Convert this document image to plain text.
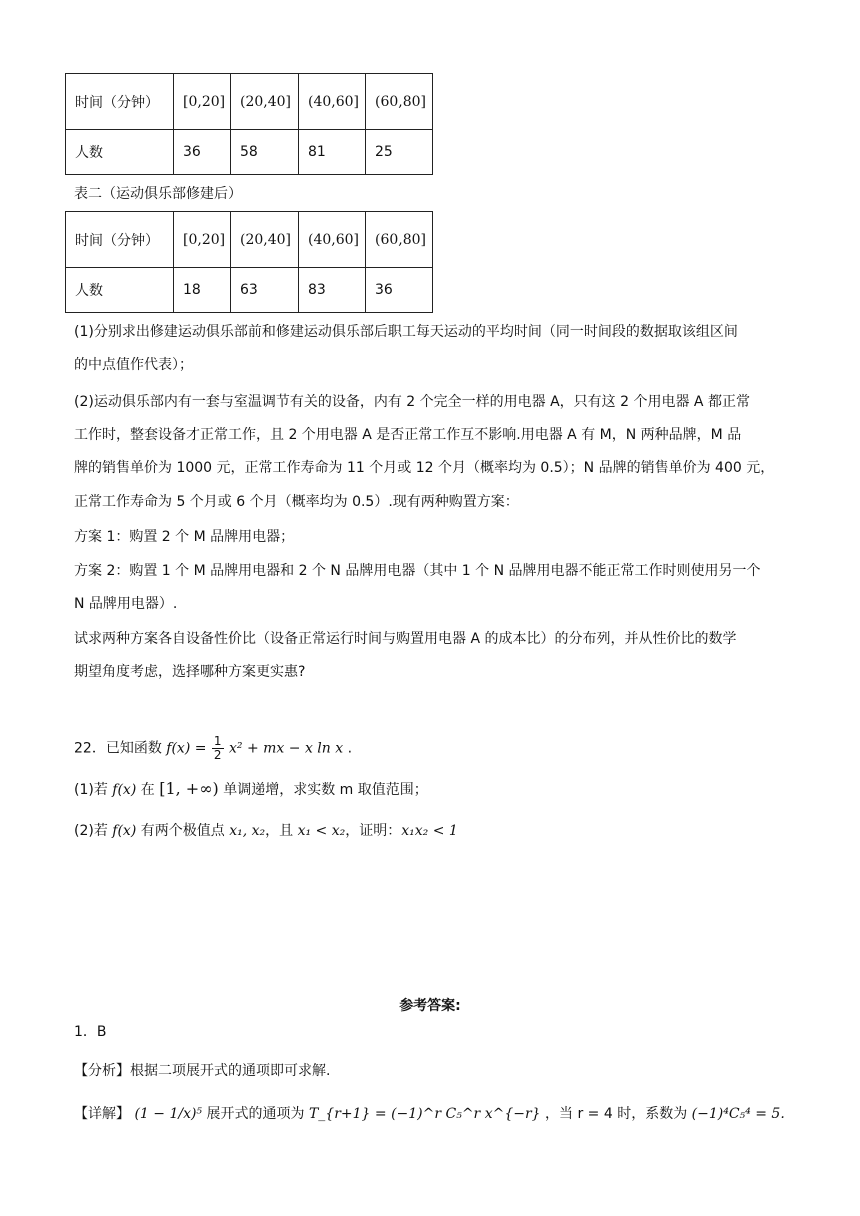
时间（分钟）	[0,20]	(20,40]	(40,60]	(60,80]
人数	36	58	81	25
表二（运动俱乐部修建后）
时间（分钟）	[0,20]	(20,40]	(40,60]	(60,80]
人数	18	63	83	36
(1)分别求出修建运动俱乐部前和修建运动俱乐部后职工每天运动的平均时间（同一时间段的数据取该组区间
的中点值作代表）；
(2)运动俱乐部内有一套与室温调节有关的设备，内有 2 个完全一样的用电器 A，只有这 2 个用电器 A 都正常
工作时，整套设备才正常工作，且 2 个用电器 A 是否正常工作互不影响.用电器 A 有 M，N 两种品牌，M 品
牌的销售单价为 1000 元，正常工作寿命为 11 个月或 12 个月（概率均为 0.5）；N 品牌的销售单价为 400 元，
正常工作寿命为 5 个月或 6 个月（概率均为 0.5）.现有两种购置方案：
方案 1：购置 2 个 M 品牌用电器；
方案 2：购置 1 个 M 品牌用电器和 2 个 N 品牌用电器（其中 1 个 N 品牌用电器不能正常工作时则使用另一个
N 品牌用电器）.
试求两种方案各自设备性价比（设备正常运行时间与购置用电器 A 的成本比）的分布列，并从性价比的数学
期望角度考虑，选择哪种方案更实惠?
22．已知函数 $f(x) = \frac{1}{2} x^2$ + mx − x ln x .
(1)若 f(x) 在 [1, +∞) 单调递增，求实数 m 取值范围；
(2)若 f(x) 有两个极值点 x₁, x₂，且 x₁ < x₂，证明：x₁x₂ < 1
参考答案:
1．B
【分析】根据二项展开式的通项即可求解.
【详解】 (1 − 1/x)⁵ 展开式的通项为 T_{r+1} = (−1)^r C₅^r x^{−r} ，当 r = 4 时，系数为 (−1)⁴C₅⁴ = 5.
